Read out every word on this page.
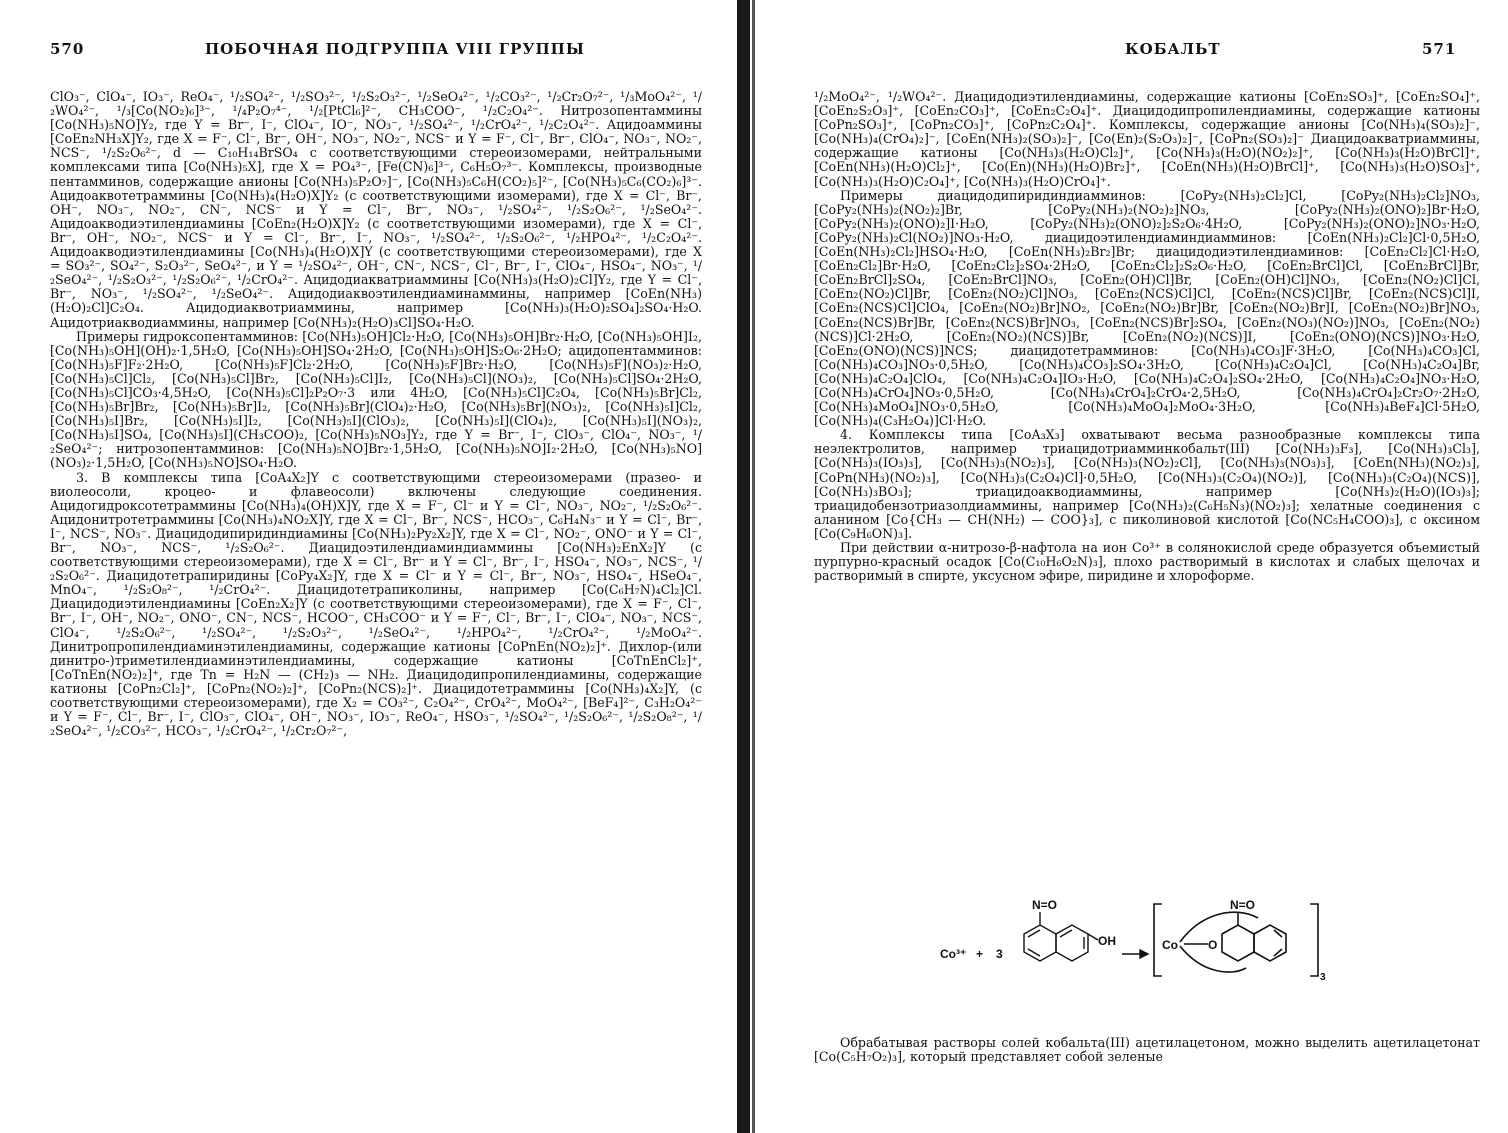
570	ПОБОЧНАЯ ПОДГРУППА VIII ГРУППЫ

ClO₃⁻, ClO₄⁻, IO₃⁻, ReO₄⁻, ¹/₂SO₄²⁻, ¹/₂SO₃²⁻, ¹/₂S₂O₃²⁻, ¹/₂SeO₄²⁻, ¹/₂CO₃²⁻, ¹/₂Cr₂O₇²⁻, ¹/₃MoO₄²⁻, ¹/₂WO₄²⁻, ¹/₃[Co(NO₂)₆]³⁻, ¹/₄P₂O₇⁴⁻, ¹/₂[PtCl₆]²⁻, CH₃COO⁻, ¹/₂C₂O₄²⁻. Нитрозопентаммины [Co(NH₃)₅NO]Y₂, где Y = Br⁻, I⁻, ClO₄⁻, IO⁻, NO₃⁻, ¹/₂SO₄²⁻, ¹/₂CrO₄²⁻, ¹/₂C₂O₄²⁻. Ацидоаммины [CoEn₂NH₃X]Y₂, где X = F⁻, Cl⁻, Br⁻, OH⁻, NO₃⁻, NO₂⁻, NCS⁻ и Y = F⁻, Cl⁻, Br⁻, ClO₄⁻, NO₃⁻, NO₂⁻, NCS⁻, ¹/₂S₂O₆²⁻, d — C₁₀H₁₄BrSO₄ с соответствующими стереоизомерами, нейтральными комплексами типа [Co(NH₃)₅X], где X = PO₄³⁻, [Fe(CN)₆]³⁻, C₆H₅O₇³⁻. Комплексы, производные пентамминов, содержащие анионы [Co(NH₃)₅P₂O₇]⁻, [Co(NH₃)₅C₆H(CO₂)₅]²⁻, [Co(NH₃)₅C₆(CO₂)₆]³⁻. Ацидоаквотетраммины [Co(NH₃)₄(H₂O)X]Y₂ (с соответствующими изомерами), где X = Cl⁻, Br⁻, OH⁻, NO₃⁻, NO₂⁻, CN⁻, NCS⁻ и Y = Cl⁻, Br⁻, NO₃⁻, ¹/₂SO₄²⁻, ¹/₂S₂O₆²⁻, ¹/₂SeO₄²⁻. Ацидоакводиэтилендиамины [CoEn₂(H₂O)X]Y₂ (с соответствующими изомерами), где X = Cl⁻, Br⁻, OH⁻, NO₂⁻, NCS⁻ и Y = Cl⁻, Br⁻, I⁻, NO₃⁻, ¹/₂SO₄²⁻, ¹/₂S₂O₆²⁻, ¹/₂HPO₄²⁻, ¹/₂C₂O₄²⁻. Ацидоакводиэтилендиамины [Co(NH₃)₄(H₂O)X]Y (с соответствующими стереоизомерами), где X = SO₃²⁻, SO₄²⁻, S₂O₃²⁻, SeO₄²⁻, и Y = ¹/₂SO₄²⁻, OH⁻, CN⁻, NCS⁻, Cl⁻, Br⁻, I⁻, ClO₄⁻, HSO₄⁻, NO₃⁻, ¹/₂SeO₄²⁻, ¹/₂S₂O₃²⁻, ¹/₂S₂O₆²⁻, ¹/₂CrO₄²⁻. Ацидодиакватриаммины [Co(NH₃)₃(H₂O)₂Cl]Y₂, где Y = Cl⁻, Br⁻, NO₃⁻, ¹/₂SO₄²⁻, ¹/₂SeO₄²⁻. Ацидодиаквоэтилендиаминаммины, например [CoEn(NH₃)(H₂O)₂Cl]C₂O₄. Ацидодиаквотриаммины, например [Co(NH₃)₃(H₂O)₂SO₄]₂SO₄·H₂O. Ацидотриакводиаммины, например [Co(NH₃)₂(H₂O)₃Cl]SO₄·H₂O.

Примеры гидроксопентамминов: [Co(NH₃)₅OH]Cl₂·H₂O, [Co(NH₃)₅OH]Br₂·H₂O, [Co(NH₃)₅OH]I₂, [Co(NH₃)₅OH](OH)₂·1,5H₂O, [Co(NH₃)₅OH]SO₄·2H₂O, [Co(NH₃)₅OH]S₂O₆·2H₂O; ацидопентамминов: [Co(NH₃)₅F]F₂·2H₂O, [Co(NH₃)₅F]Cl₂·2H₂O, [Co(NH₃)₅F]Br₂·H₂O, [Co(NH₃)₅F](NO₃)₂·H₂O, [Co(NH₃)₅Cl]Cl₂, [Co(NH₃)₅Cl]Br₂, [Co(NH₃)₅Cl]I₂, [Co(NH₃)₅Cl](NO₃)₂, [Co(NH₃)₅Cl]SO₄·2H₂O, [Co(NH₃)₅Cl]CO₃·4,5H₂O, [Co(NH₃)₅Cl]₂P₂O₇·3 или 4H₂O, [Co(NH₃)₅Cl]C₂O₄, [Co(NH₃)₅Br]Cl₂, [Co(NH₃)₅Br]Br₂, [Co(NH₃)₅Br]I₂, [Co(NH₃)₅Br](ClO₄)₂·H₂O, [Co(NH₃)₅Br](NO₃)₂, [Co(NH₃)₅I]Cl₂, [Co(NH₃)₅I]Br₂, [Co(NH₃)₅I]I₂, [Co(NH₃)₅I](ClO₃)₂, [Co(NH₃)₅I](ClO₄)₂, [Co(NH₃)₅I](NO₃)₂, [Co(NH₃)₅I]SO₄, [Co(NH₃)₅I](CH₃COO)₂, [Co(NH₃)₅NO₃]Y₂, где Y = Br⁻, I⁻, ClO₃⁻, ClO₄⁻, NO₃⁻, ¹/₂SeO₄²⁻; нитрозопентамминов: [Co(NH₃)₅NO]Br₂·1,5H₂O, [Co(NH₃)₅NO]I₂·2H₂O, [Co(NH₃)₅NO](NO₃)₂·1,5H₂O, [Co(NH₃)₅NO]SO₄·H₂O.

3. В комплексы типа [CoA₄X₂]Y с соответствующими стереоизомерами (празео- и виолеосоли, кроцео- и флавеосоли) включены следующие соединения. Ацидогидроксотетраммины [Co(NH₃)₄(OH)X]Y, где X = F⁻, Cl⁻ и Y = Cl⁻, NO₃⁻, NO₂⁻, ¹/₂S₂O₆²⁻. Ацидонитротетраммины [Co(NH₃)₄NO₂X]Y, где X = Cl⁻, Br⁻, NCS⁻, HCO₃⁻, C₆H₄N₃⁻ и Y = Cl⁻, Br⁻, I⁻, NCS⁻, NO₃⁻. Диацидодипиридиндиамины [Co(NH₃)₂Py₂X₂]Y, где X = Cl⁻, NO₂⁻, ONO⁻ и Y = Cl⁻, Br⁻, NO₃⁻, NCS⁻, ¹/₂S₂O₆²⁻. Диацидоэтилендиаминдиаммины [Co(NH₃)₂EnX₂]Y (с соответствующими стереоизомерами), где X = Cl⁻, Br⁻ и Y = Cl⁻, Br⁻, I⁻, HSO₄⁻, NO₃⁻, NCS⁻, ¹/₂S₂O₆²⁻. Диацидотетрапиридины [CoPy₄X₂]Y, где X = Cl⁻ и Y = Cl⁻, Br⁻, NO₃⁻, HSO₄⁻, HSeO₄⁻, MnO₄⁻, ¹/₂S₂O₈²⁻, ¹/₂CrO₄²⁻. Диацидотетрапиколины, например [Co(C₆H₇N)₄Cl₂]Cl. Диацидодиэтилендиамины [CoEn₂X₂]Y (с соответствующими стереоизомерами), где X = F⁻, Cl⁻, Br⁻, I⁻, OH⁻, NO₂⁻, ONO⁻, CN⁻, NCS⁻, HCOO⁻, CH₃COO⁻ и Y = F⁻, Cl⁻, Br⁻, I⁻, ClO₄⁻, NO₃⁻, NCS⁻, ClO₄⁻, ¹/₂S₂O₆²⁻, ¹/₂SO₄²⁻, ¹/₂S₂O₃²⁻, ¹/₂SeO₄²⁻, ¹/₂HPO₄²⁻, ¹/₂CrO₄²⁻, ¹/₂MoO₄²⁻. Динитропропилендиаминэтилендиамины, содержащие катионы [CoPnEn(NO₂)₂]⁺. Дихлор-(или динитро-)триметилендиаминэтилендиамины, содержащие катионы [CoTnEnCl₂]⁺, [CoTnEn(NO₂)₂]⁺, где Tn = H₂N — (CH₂)₃ — NH₂. Диацидодипропилендиамины, содержащие катионы [CoPn₂Cl₂]⁺, [CoPn₂(NO₂)₂]⁺, [CoPn₂(NCS)₂]⁺. Диацидотетраммины [Co(NH₃)₄X₂]Y, (с соответствующими стереоизомерами), где X₂ = CO₃²⁻, C₂O₄²⁻, CrO₄²⁻, MoO₄²⁻, [BeF₄]²⁻, C₃H₂O₄²⁻ и Y = F⁻, Cl⁻, Br⁻, I⁻, ClO₃⁻, ClO₄⁻, OH⁻, NO₃⁻, IO₃⁻, ReO₄⁻, HSO₃⁻, ¹/₂SO₄²⁻, ¹/₂S₂O₆²⁻, ¹/₂S₂O₈²⁻, ¹/₂SeO₄²⁻, ¹/₂CO₃²⁻, HCO₃⁻, ¹/₂CrO₄²⁻, ¹/₂Cr₂O₇²⁻,

КОБАЛЬТ	571

¹/₂MoO₄²⁻, ¹/₂WO₄²⁻. Диацидодиэтилендиамины, содержащие катионы [CoEn₂SO₃]⁺, [CoEn₂SO₄]⁺, [CoEn₂S₂O₃]⁺, [CoEn₂CO₃]⁺, [CoEn₂C₂O₄]⁺. Диацидодипропилендиамины, содержащие катионы [CoPn₂SO₃]⁺, [CoPn₂CO₃]⁺, [CoPn₂C₂O₄]⁺. Комплексы, содержащие анионы [Co(NH₃)₄(SO₃)₂]⁻, [Co(NH₃)₄(CrO₄)₂]⁻, [CoEn(NH₃)₂(SO₃)₂]⁻, [Co(En)₂(S₂O₃)₂]⁻, [CoPn₂(SO₃)₂]⁻ Диацидоакватриаммины, содержащие катионы [Co(NH₃)₃(H₂O)Cl₂]⁺, [Co(NH₃)₃(H₂O)(NO₂)₂]⁺, [Co(NH₃)₃(H₂O)BrCl]⁺, [CoEn(NH₃)(H₂O)Cl₂]⁺, [Co(En)(NH₃)(H₂O)Br₂]⁺, [CoEn(NH₃)(H₂O)BrCl]⁺, [Co(NH₃)₃(H₂O)SO₃]⁺, [Co(NH₃)₃(H₂O)C₂O₄]⁺, [Co(NH₃)₃(H₂O)CrO₄]⁺.

Примеры диацидодипиридиндиамминов: [CoPy₂(NH₃)₂Cl₂]Cl, [CoPy₂(NH₃)₂Cl₂]NO₃, [CoPy₂(NH₃)₂(NO₂)₂]Br, [CoPy₂(NH₃)₂(NO₂)₂]NO₃, [CoPy₂(NH₃)₂(ONO)₂]Br·H₂O, [CoPy₂(NH₃)₂(ONO)₂]I·H₂O, [CoPy₂(NH₃)₂(ONO)₂]₂S₂O₆·4H₂O, [CoPy₂(NH₃)₂(ONO)₂]NO₃·H₂O, [CoPy₂(NH₃)₂Cl(NO₂)]NO₃·H₂O, диацидоэтилендиаминдиамминов: [CoEn(NH₃)₂Cl₂]Cl·0,5H₂O, [CoEn(NH₃)₂Cl₂]HSO₄·H₂O, [CoEn(NH₃)₂Br₂]Br; диацидодиэтилендиаминов: [CoEn₂Cl₂]Cl·H₂O, [CoEn₂Cl₂]Br·H₂O, [CoEn₂Cl₂]₂SO₄·2H₂O, [CoEn₂Cl₂]₂S₂O₆·H₂O, [CoEn₂BrCl]Cl, [CoEn₂BrCl]Br, [CoEn₂BrCl]₂SO₄, [CoEn₂BrCl]NO₃, [CoEn₂(OH)Cl]Br, [CoEn₂(OH)Cl]NO₃, [CoEn₂(NO₂)Cl]Cl, [CoEn₂(NO₂)Cl]Br, [CoEn₂(NO₂)Cl]NO₃, [CoEn₂(NCS)Cl]Cl, [CoEn₂(NCS)Cl]Br, [CoEn₂(NCS)Cl]I, [CoEn₂(NCS)Cl]ClO₄, [CoEn₂(NO₂)Br]NO₂, [CoEn₂(NO₂)Br]Br, [CoEn₂(NO₂)Br]I, [CoEn₂(NO₂)Br]NO₃, [CoEn₂(NCS)Br]Br, [CoEn₂(NCS)Br]NO₃, [CoEn₂(NCS)Br]₂SO₄, [CoEn₂(NO₃)(NO₂)]NO₃, [CoEn₂(NO₂)(NCS)]Cl·2H₂O, [CoEn₂(NO₂)(NCS)]Br, [CoEn₂(NO₂)(NCS)]I, [CoEn₂(ONO)(NCS)]NO₃·H₂O, [CoEn₂(ONO)(NCS)]NCS; диацидотетрамминов: [Co(NH₃)₄CO₃]F·3H₂O, [Co(NH₃)₄CO₃]Cl, [Co(NH₃)₄CO₃]NO₃·0,5H₂O, [Co(NH₃)₄CO₃]₂SO₄·3H₂O, [Co(NH₃)₄C₂O₄]Cl, [Co(NH₃)₄C₂O₄]Br, [Co(NH₃)₄C₂O₄]ClO₄, [Co(NH₃)₄C₂O₄]IO₃·H₂O, [Co(NH₃)₄C₂O₄]₂SO₄·2H₂O, [Co(NH₃)₄C₂O₄]NO₃·H₂O, [Co(NH₃)₄CrO₄]NO₃·0,5H₂O, [Co(NH₃)₄CrO₄]₂CrO₄·2,5H₂O, [Co(NH₃)₄CrO₄]₂Cr₂O₇·2H₂O, [Co(NH₃)₄MoO₄]NO₃·0,5H₂O, [Co(NH₃)₄MoO₄]₂MoO₄·3H₂O, [Co(NH₃)₄BeF₄]Cl·5H₂O, [Co(NH₃)₄(C₃H₂O₄)]Cl·H₂O.

4. Комплексы типа [CoA₃X₃] охватывают весьма разнообразные комплексы типа неэлектролитов, например триацидотриамминкобальт(III) [Co(NH₃)₃F₃], [Co(NH₃)₃Cl₃], [Co(NH₃)₃(IO₃)₃], [Co(NH₃)₃(NO₂)₃], [Co(NH₃)₃(NO₂)₂Cl], [Co(NH₃)₃(NO₃)₃], [CoEn(NH₃)(NO₂)₃], [CoPn(NH₃)(NO₂)₃], [Co(NH₃)₃(C₂O₄)Cl]·0,5H₂O, [Co(NH₃)₃(C₂O₄)(NO₂)], [Co(NH₃)₃(C₂O₄)(NCS)], [Co(NH₃)₃BO₃]; триацидоакводиаммины, например [Co(NH₃)₂(H₂O)(IO₃)₃]; триацидобензотриазолдиаммины, например [Co(NH₃)₂(C₆H₅N₃)(NO₂)₃]; хелатные соединения с аланином [Co{CH₃ — CH(NH₂) — COO}₃], с пиколиновой кислотой [Co(NC₅H₄COO)₃], с оксином [Co(C₉H₆ON)₃].

При действии α-нитрозо-β-нафтола на ион Co³⁺ в солянокислой среде образуется объемистый пурпурно-красный осадок [Co(C₁₀H₆O₂N)₃], плохо растворимый в кислотах и слабых щелочах и растворимый в спирте, уксусном эфире, пиридине и хлороформе.

Co³⁺ + 3
N=O
OH	Co	O
N=O
3

Обрабатывая растворы солей кобальта(III) ацетилацетоном, можно выделить ацетилацетонат [Co(C₅H₇O₂)₃], который представляет собой зеленые
